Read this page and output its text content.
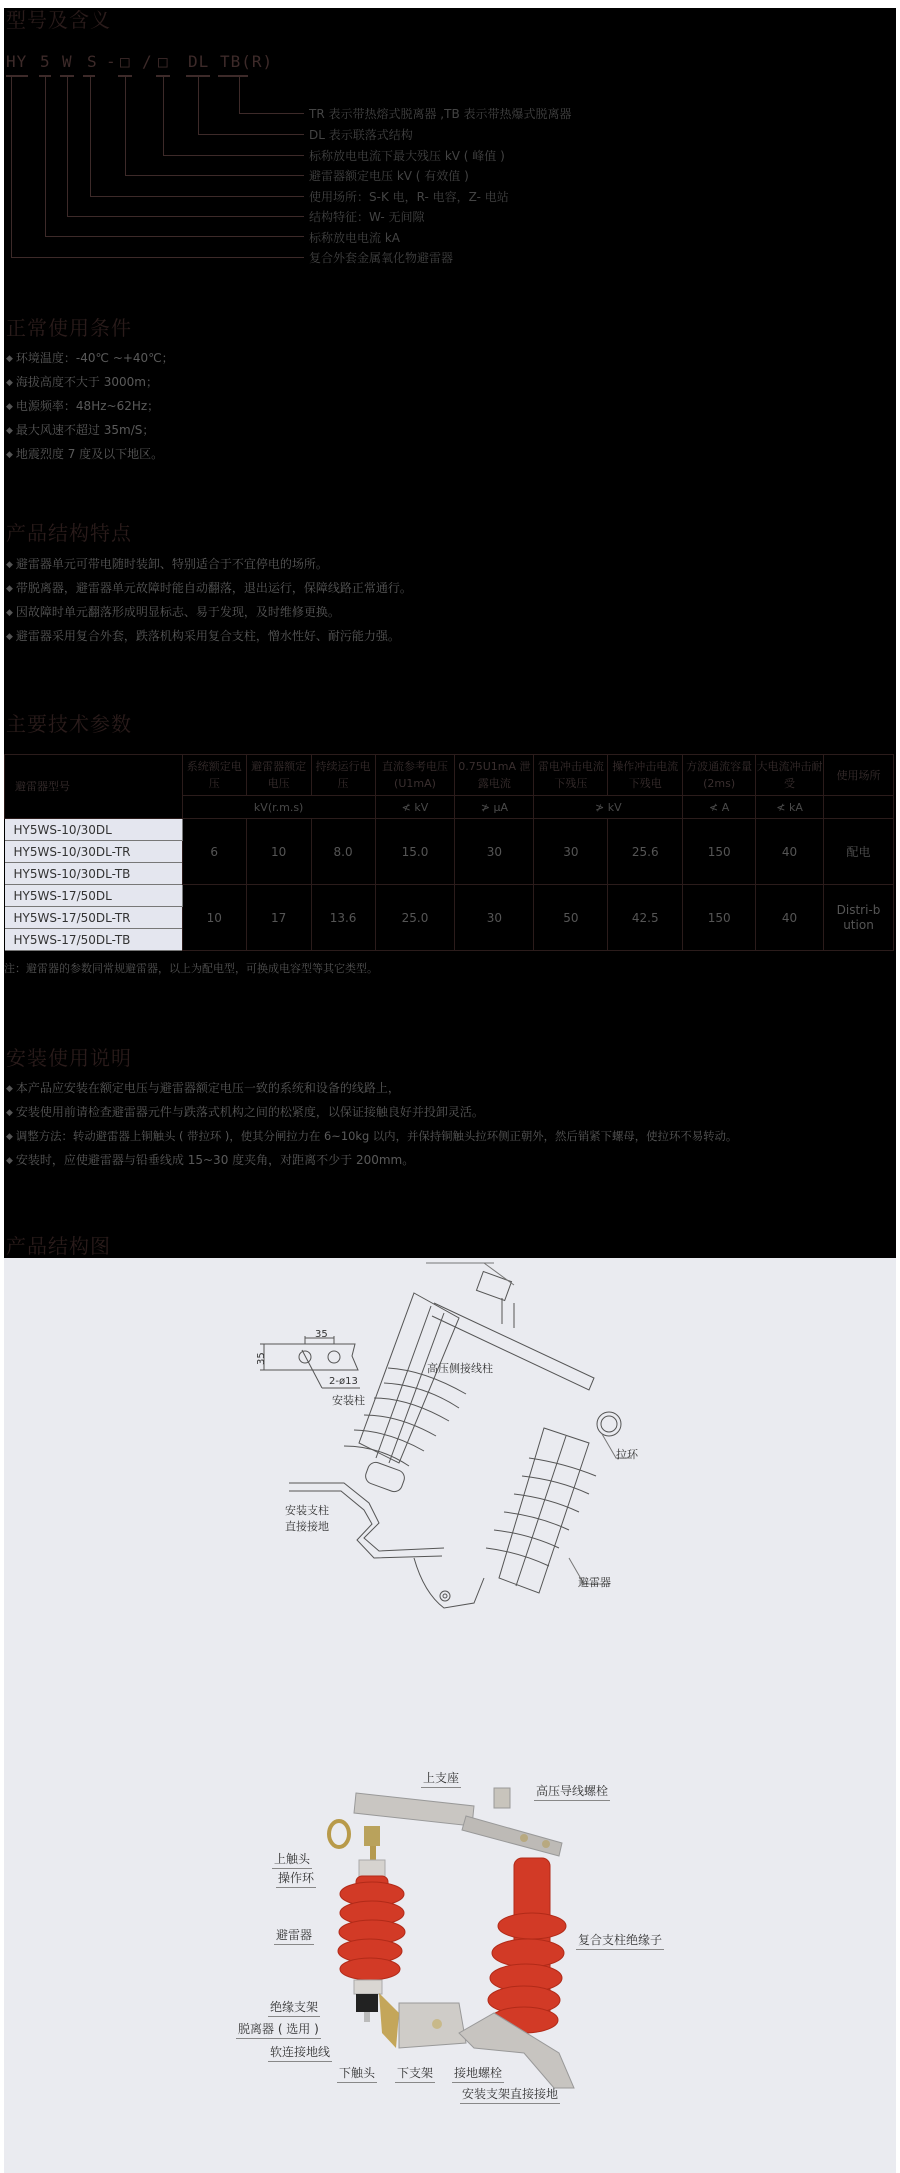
型号及含义
HY 5 W S - □ / □ DL TB(R)
TR 表示带热熔式脱离器 ,TB 表示带热爆式脱离器
DL 表示联落式结构
标称放电电流下最大残压 kV ( 峰值 )
避雷器额定电压 kV ( 有效值 )
使用场所：S-K 电，R- 电容，Z- 电站
结构特征：W- 无间隙
标称放电电流 kA
复合外套金属氧化物避雷器
正常使用条件
◆ 环境温度：-40℃ ~+40℃；
◆ 海拔高度不大于 3000m；
◆ 电源频率：48Hz~62Hz；
◆ 最大风速不超过 35m/S；
◆ 地震烈度 7 度及以下地区。
产品结构特点
◆ 避雷器单元可带电随时装卸、特别适合于不宜停电的场所。
◆ 带脱离器，避雷器单元故障时能自动翻落，退出运行，保障线路正常通行。
◆ 因故障时单元翻落形成明显标志、易于发现，及时维修更换。
◆ 避雷器采用复合外套，跌落机构采用复合支柱，憎水性好、耐污能力强。
主要技术参数
避雷器型号	系统额定电压	避雷器额定电压	持续运行电压	直流参考电压 (U1mA)	0.75U1mA 泄露电流	雷电冲击电流下残压	操作冲击电流下残电	方波通流容量 (2ms)	大电流冲击耐受	使用场所
	kV(r.m.s)			≮ kV	≯ μA	≯ kV		≮ A	≮ kA	
HY5WS-10/30DL	6	10	8.0	15.0	30	30	25.6	150	40	配电
HY5WS-10/30DL-TR										
HY5WS-10/30DL-TB										
HY5WS-17/50DL	10	17	13.6	25.0	30	50	42.5	150	40	Distri-bution
HY5WS-17/50DL-TR										
HY5WS-17/50DL-TB										
注：避雷器的参数同常规避雷器，以上为配电型，可换成电容型等其它类型。
安装使用说明
◆ 本产品应安装在额定电压与避雷器额定电压一致的系统和设备的线路上，
◆ 安装使用前请检查避雷器元件与跌落式机构之间的松紧度，以保证接触良好并投卸灵活。
◆ 调整方法：转动避雷器上铜触头 ( 带拉环 )，使其分闸拉力在 6~10kg 以内，并保持铜触头拉环侧正朝外，然后销紧下螺母，使拉环不易转动。
◆ 安装时，应使避雷器与铅垂线成 15~30 度夹角，对距离不少于 200mm。
产品结构图
高压侧接线柱
35
35
2-ø13
安装柱
拉环
安装支柱
直接接地
避雷器
上支座
高压导线螺栓
上触头
操作环
避雷器	复合支柱绝缘子
绝缘支架
脱离器 ( 选用 )
软连接地线
下触头 下支架 接地螺栓
安装支架直接接地
